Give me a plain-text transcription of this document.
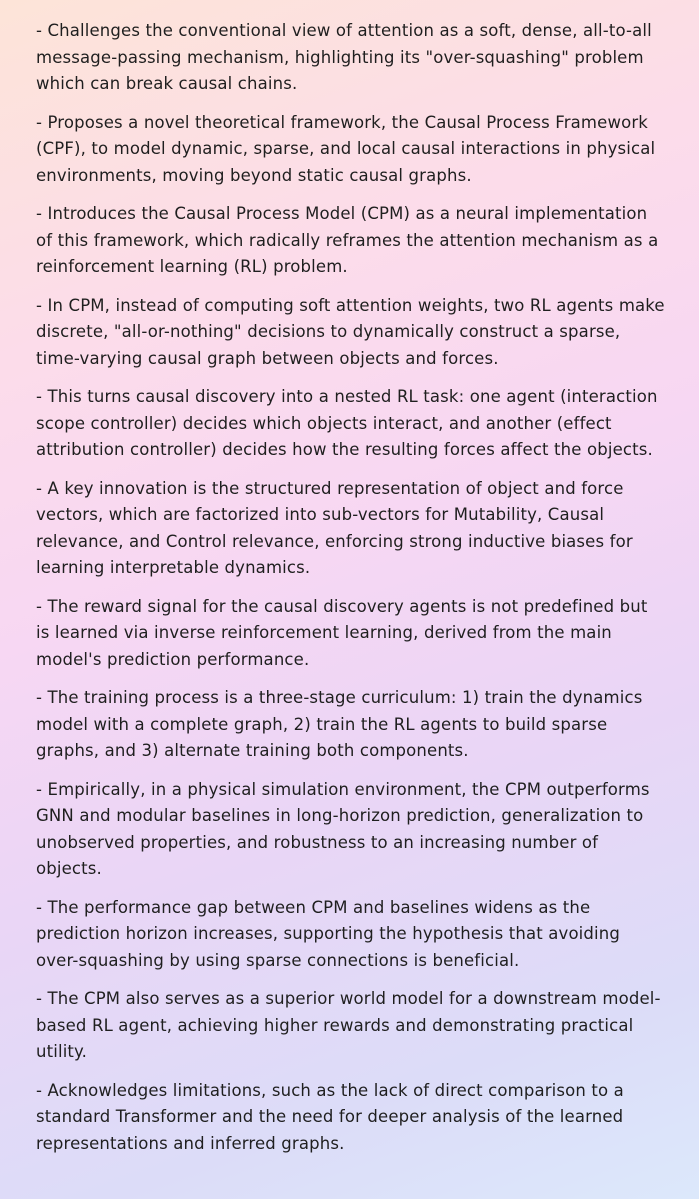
- Challenges the conventional view of attention as a soft, dense, all-to-all message-passing mechanism, highlighting its "over-squashing" problem which can break causal chains.

- Proposes a novel theoretical framework, the Causal Process Framework (CPF), to model dynamic, sparse, and local causal interactions in physical environments, moving beyond static causal graphs.

- Introduces the Causal Process Model (CPM) as a neural implementation of this framework, which radically reframes the attention mechanism as a reinforcement learning (RL) problem.

- In CPM, instead of computing soft attention weights, two RL agents make discrete, "all-or-nothing" decisions to dynamically construct a sparse, time-varying causal graph between objects and forces.

- This turns causal discovery into a nested RL task: one agent (interaction scope controller) decides which objects interact, and another (effect attribution controller) decides how the resulting forces affect the objects.

- A key innovation is the structured representation of object and force vectors, which are factorized into sub-vectors for Mutability, Causal relevance, and Control relevance, enforcing strong inductive biases for learning interpretable dynamics.

- The reward signal for the causal discovery agents is not predefined but is learned via inverse reinforcement learning, derived from the main model's prediction performance.

- The training process is a three-stage curriculum: 1) train the dynamics model with a complete graph, 2) train the RL agents to build sparse graphs, and 3) alternate training both components.

- Empirically, in a physical simulation environment, the CPM outperforms GNN and modular baselines in long-horizon prediction, generalization to unobserved properties, and robustness to an increasing number of objects.

- The performance gap between CPM and baselines widens as the prediction horizon increases, supporting the hypothesis that avoiding over-squashing by using sparse connections is beneficial.

- The CPM also serves as a superior world model for a downstream model-based RL agent, achieving higher rewards and demonstrating practical utility.

- Acknowledges limitations, such as the lack of direct comparison to a standard Transformer and the need for deeper analysis of the learned representations and inferred graphs.
